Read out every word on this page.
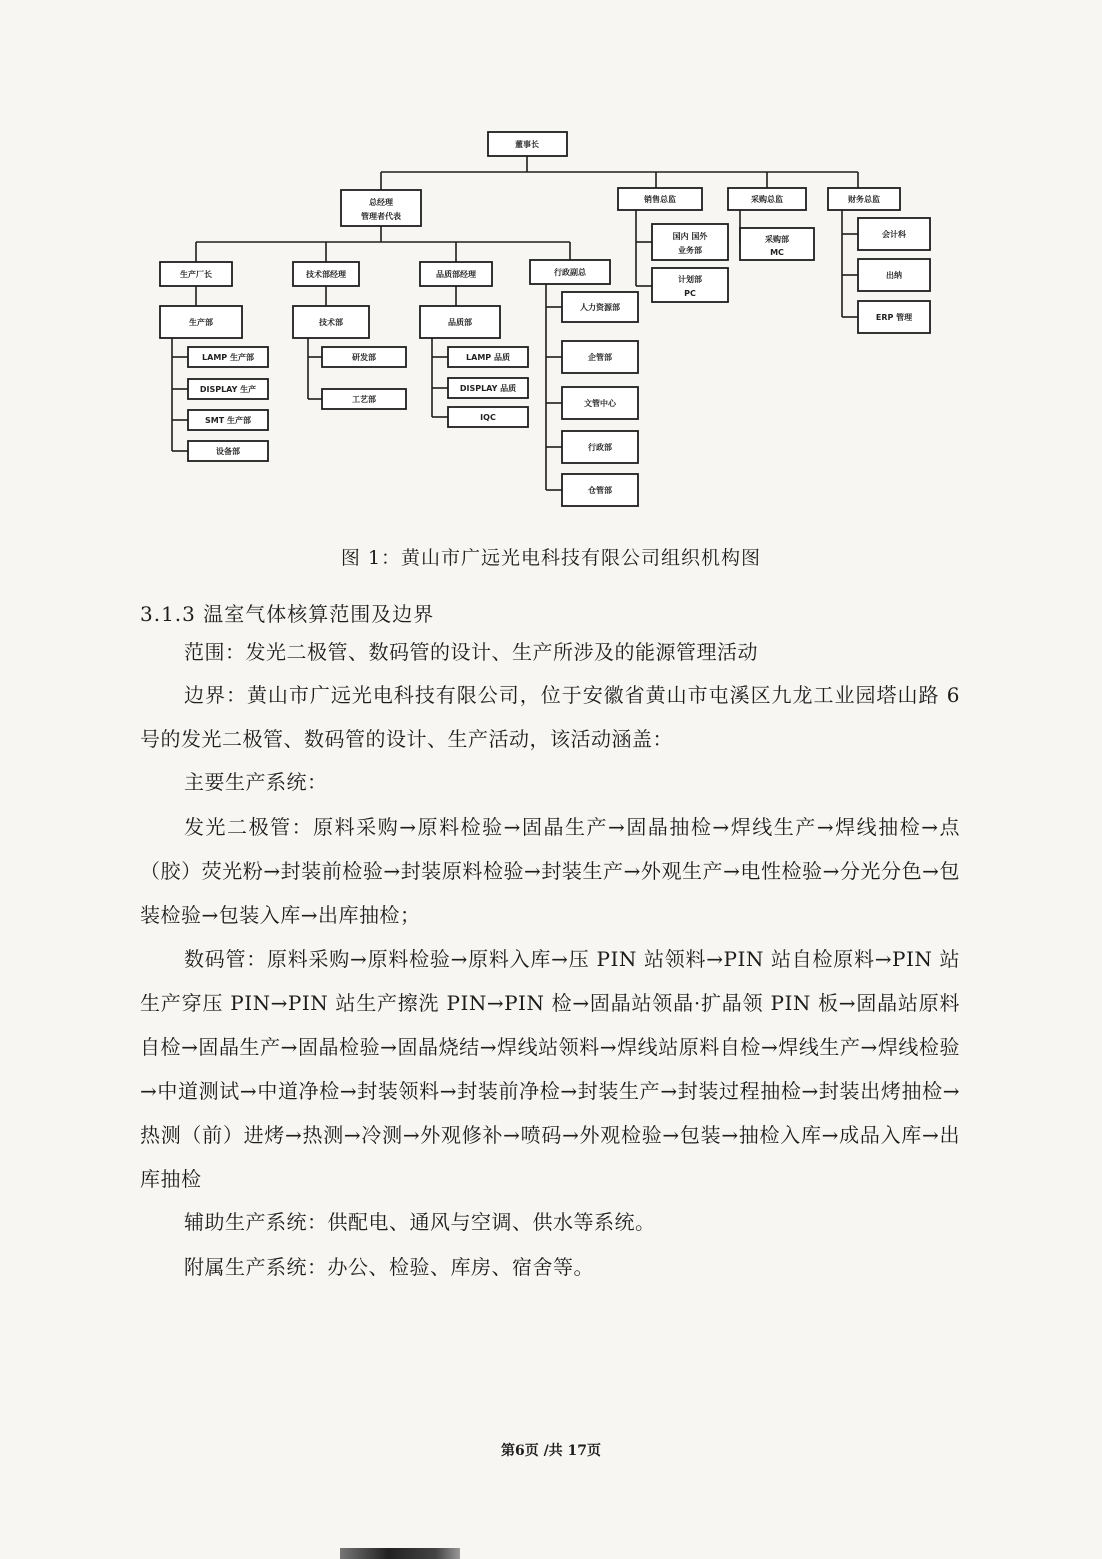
董事长
总经理
管理者代表
销售总监	采购总监	财务总监
生产厂长	技术部经理	品质部经理	行政副总
生产部	技术部	品质部
LAMP 生产部
DISPLAY 生产
SMT 生产部
设备部
研发部
工艺部
LAMP 品质
DISPLAY 品质
IQC
人力资源部
企管部
文管中心
行政部
仓管部
国内 国外
业务部
计划部
PC
采购部
MC
会计科
出纳
ERP 管理
图 1：黄山市广远光电科技有限公司组织机构图
3.1.3 温室气体核算范围及边界

范围：发光二极管、数码管的设计、生产所涉及的能源管理活动

边界：黄山市广远光电科技有限公司，位于安徽省黄山市屯溪区九龙工业园塔山路 6 号的发光二极管、数码管的设计、生产活动，该活动涵盖：

主要生产系统：

发光二极管：原料采购→原料检验→固晶生产→固晶抽检→焊线生产→焊线抽检→点（胶）荧光粉→封装前检验→封装原料检验→封装生产→外观生产→电性检验→分光分色→包装检验→包装入库→出库抽检；

数码管：原料采购→原料检验→原料入库→压 PIN 站领料→PIN 站自检原料→PIN 站生产穿压 PIN→PIN 站生产擦洗 PIN→PIN 检→固晶站领晶·扩晶领 PIN 板→固晶站原料自检→固晶生产→固晶检验→固晶烧结→焊线站领料→焊线站原料自检→焊线生产→焊线检验→中道测试→中道净检→封装领料→封装前净检→封装生产→封装过程抽检→封装出烤抽检→热测（前）进烤→热测→冷测→外观修补→喷码→外观检验→包装→抽检入库→成品入库→出库抽检

辅助生产系统：供配电、通风与空调、供水等系统。

附属生产系统：办公、检验、库房、宿舍等。

第6页 /共 17页
